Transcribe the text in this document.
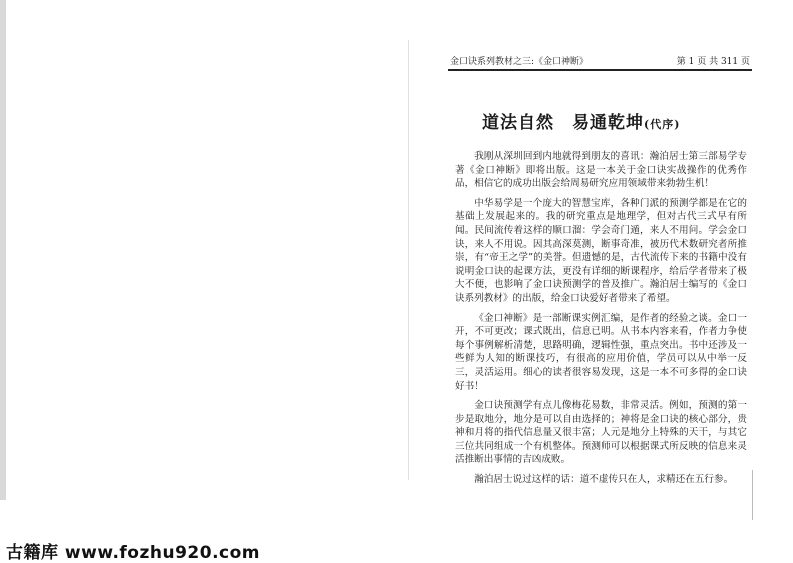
金口诀系列教材之三:《金口神断》	第 1 页 共 311 页
道法自然　易通乾坤(代序)

我刚从深圳回到内地就得到朋友的喜讯：瀚泊居士第三部易学专著《金口神断》即将出版。这是一本关于金口诀实战操作的优秀作品，相信它的成功出版会给周易研究应用领域带来勃勃生机！

中华易学是一个庞大的智慧宝库，各种门派的预测学都是在它的基础上发展起来的。我的研究重点是地理学，但对古代三式早有所闻。民间流传着这样的顺口溜：学会奇门遁，来人不用问。学会金口诀，来人不用说。因其高深莫测，断事奇准，被历代术数研究者所推崇，有“帝王之学”的美誉。但遗憾的是，古代流传下来的书籍中没有说明金口诀的起课方法，更没有详细的断课程序，给后学者带来了极大不便，也影响了金口诀预测学的普及推广。瀚泊居士编写的《金口诀系列教材》的出版，给金口诀爱好者带来了希望。

《金口神断》是一部断课实例汇编，是作者的经验之谈。金口一开，不可更改；课式既出，信息已明。从书本内容来看，作者力争使每个事例解析清楚，思路明确，逻辑性强，重点突出。书中还涉及一些鲜为人知的断课技巧，有很高的应用价值，学员可以从中举一反三，灵活运用。细心的读者很容易发现，这是一本不可多得的金口诀好书！

金口诀预测学有点儿像梅花易数，非常灵活。例如，预测的第一步是取地分，地分是可以自由选择的；神将是金口诀的核心部分，贵神和月将的指代信息量又很丰富；人元是地分上特殊的天干，与其它三位共同组成一个有机整体。预测师可以根据课式所反映的信息来灵活推断出事情的吉凶成败。

瀚泊居士说过这样的话：道不虚传只在人，求精还在五行参。

古籍库 www.fozhu920.com
